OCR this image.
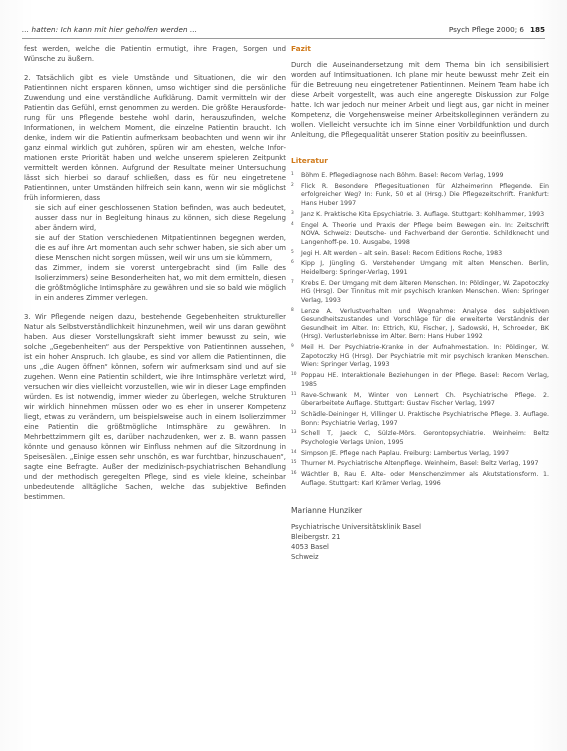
... hatten: Ich kann mit hier geholfen werden ...	Psych Pflege 2000; 6 185

fest werden, welche die Patientin ermutigt, ihre Fragen, Sorgen und Wünsche zu äußern.

2. Tatsächlich gibt es viele Umstände und Situationen, die wir den Patientinnen nicht ersparen können, umso wichtiger sind die persönliche Zuwendung und eine verständliche Aufklärung. Damit vermitteln wir der Patientin das Gefühl, ernst genommen zu werden. Die größte Herausforderung für uns Pflegende bestehe wohl darin, herauszufinden, welche Informationen, in welchem Moment, die einzelne Patientin braucht. Ich denke, indem wir die Patientin aufmerksam beobachten und wenn wir ihr ganz einmal wirklich gut zuhören, spüren wir am ehesten, welche Informationen erste Priorität haben und welche unserem spieleren Zeitpunkt vermittelt werden können. Aufgrund der Resultate meiner Untersuchung lässt sich hierbei so darauf schließen, dass es für neu eingetretene Patientinnen, unter Umständen hilfreich sein kann, wenn wir sie möglichst früh informieren, dass

sie sich auf einer geschlossenen Station befinden, was auch bedeutet, ausser dass nur in Begleitung hinaus zu können, sich diese Regelung aber ändern wird,

sie auf der Station verschiedenen Mitpatientinnen begegnen werden, die es auf ihre Art momentan auch sehr schwer haben, sie sich aber um diese Menschen nicht sorgen müssen, weil wir uns um sie kümmern,

das Zimmer, indem sie vorerst untergebracht sind (im Falle des Isolierzimmers) seine Besonderheiten hat, wo mit dem ermitteln, diesen die größtmögliche Intimsphäre zu gewähren und sie so bald wie möglich in ein anderes Zimmer verlegen.

3. Wir Pflegende neigen dazu, bestehende Gegebenheiten struktureller Natur als Selbstverständlichkeit hinzunehmen, weil wir uns daran gewöhnt haben. Aus dieser Vorstellungskraft sieht immer bewusst zu sein, wie solche „Gegebenheiten“ aus der Perspektive von Patientinnen aussehen, ist ein hoher Anspruch. Ich glaube, es sind vor allem die Patientinnen, die uns „die Augen öffnen“ können, sofern wir aufmerksam sind und auf sie zugehen. Wenn eine Patientin schildert, wie ihre Intimsphäre verletzt wird, versuchen wir dies vielleicht vorzustellen, wie wir in dieser Lage empfinden würden. Es ist notwendig, immer wieder zu überlegen, welche Strukturen wir wirklich hinnehmen müssen oder wo es eher in unserer Kompetenz liegt, etwas zu verändern, um beispielsweise auch in einem Isolierzimmer eine Patientin die größtmögliche Intimsphäre zu gewähren. In Mehrbettzimmern gilt es, darüber nachzudenken, wer z. B. wann passen könnte und genauso können wir Einfluss nehmen auf die Sitzordnung in Speisesälen. „Einige essen sehr unschön, es war furchtbar, hinzuschauen“, sagte eine Befragte. Außer der medizinisch-psychiatrischen Behandlung und der methodisch geregelten Pflege, sind es viele kleine, scheinbar unbedeutende alltägliche Sachen, welche das subjektive Befinden bestimmen.

Fazit

Durch die Auseinandersetzung mit dem Thema bin ich sensibilisiert worden auf Intimsituationen. Ich plane mir heute bewusst mehr Zeit ein für die Betreuung neu eingetretener Patientinnen. Meinem Team habe ich diese Arbeit vorgestellt, was auch eine angeregte Diskussion zur Folge hatte. Ich war jedoch nur meiner Arbeit und liegt aus, gar nicht in meiner Kompetenz, die Vorgehensweise meiner Arbeitskolleginnen verändern zu wollen. Vielleicht versuchte ich im Sinne einer Vorbildfunktion und durch Anleitung, die Pflegequalität unserer Station positiv zu beeinflussen.

Literatur
1 Böhm E. Pflegediagnose nach Böhm. Basel: Recom Verlag, 1999
2 Flick R. Besondere Pflegesituationen für Alzheimerinn Pflegende. Ein erfolgreicher Weg? In: Funk, 50 et al (Hrsg.) Die Pflegezeitschrift. Frankfurt: Hans Huber 1997
3 Janz K. Praktische Kita Epsychiatrie. 3. Auflage. Stuttgart: Kohlhammer, 1993
4 Engel A. Theorie und Praxis der Pflege beim Bewegen ein. In: Zeitschrift NOVA. Schweiz: Deutsche- und Fachverband der Gerontie. Schildknecht und Langenhoff-pe. 10. Ausgabe, 1998
5 Jegi H. Alt werden – alt sein. Basel: Recom Editions Roche, 1983
6 Kipp J, Jüngling G. Verstehender Umgang mit alten Menschen. Berlin, Heidelberg: Springer-Verlag, 1991
7 Krebs E. Der Umgang mit dem älteren Menschen. In: Pöldinger, W. Zapotoczky HG (Hrsg). Der Tinnitus mit mir psychisch kranken Menschen. Wien: Springer Verlag, 1993
8 Lenze A. Verlustverhalten und Wegnahme: Analyse des subjektiven Gesundheitszustandes und Vorschläge für die erweiterte Verständnis der Gesundheit im Alter. In: Ettrich, KU, Fischer, J, Sadowski, H, Schroeder, BK (Hrsg). Verlusterlebnisse im Alter. Bern: Hans Huber 1992
9 Meil H. Der Psychiatrie-Kranke in der Aufnahmestation. In: Pöldinger, W. Zapotoczky HG (Hrsg). Der Psychiatrie mit mir psychisch kranken Menschen. Wien: Springer Verlag, 1993
10 Poppau HE. Interaktionale Beziehungen in der Pflege. Basel: Recom Verlag, 1985
11 Rave-Schwank M, Winter von Lennert Ch. Psychiatrische Pflege. 2. überarbeitete Auflage. Stuttgart: Gustav Fischer Verlag, 1997
12 Schädle-Deininger H, Villinger U. Praktische Psychiatrische Pflege. 3. Auflage. Bonn: Psychiatrie Verlag, 1997
13 Schell T, Jaeck C, Sülzle-Mörs. Gerontopsychiatrie. Weinheim: Beltz Psychologie Verlags Union, 1995
14 Simpson JE. Pflege nach Paplau. Freiburg: Lambertus Verlag, 1997
15 Thurner M. Psychiatrische Altenpflege. Weinheim, Basel: Beltz Verlag, 1997
16 Wächtler B, Rau E. Alte- oder Menschenzimmer als Akutstationsform. 1. Auflage. Stuttgart: Karl Krämer Verlag, 1996
Marianne Hunziker
Psychiatrische Universitätsklinik Basel
Bleibergstr. 21
4053 Basel
Schweiz
